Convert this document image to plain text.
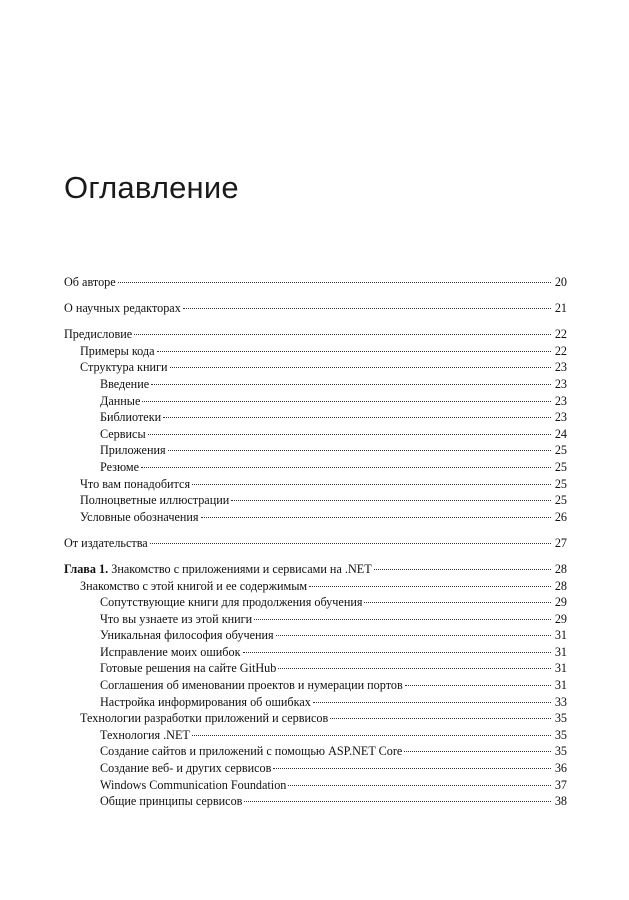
Оглавление
Об авторе	20
О научных редакторах	21
Предисловие	22
Примеры кода	22
Структура книги	23
Введение	23
Данные	23
Библиотеки	23
Сервисы	24
Приложения	25
Резюме	25
Что вам понадобится	25
Полноцветные иллюстрации	25
Условные обозначения	26
От издательства	27
Глава 1. Знакомство с приложениями и сервисами на .NET	28
Знакомство с этой книгой и ее содержимым	28
Сопутствующие книги для продолжения обучения	29
Что вы узнаете из этой книги	29
Уникальная философия обучения	31
Исправление моих ошибок	31
Готовые решения на сайте GitHub	31
Соглашения об именовании проектов и нумерации портов	31
Настройка информирования об ошибках	33
Технологии разработки приложений и сервисов	35
Технология .NET	35
Создание сайтов и приложений с помощью ASP.NET Core	35
Создание веб- и других сервисов	36
Windows Communication Foundation	37
Общие принципы сервисов	38
